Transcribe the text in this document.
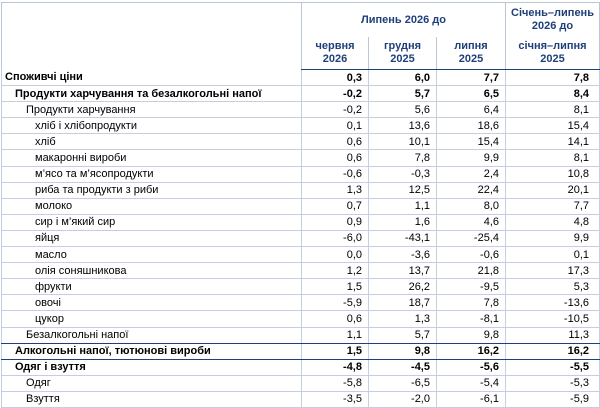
	Липень 2026 до			Січень–липень 2026 до
	червня 2026	грудня 2025	липня 2025	січня–липня 2025
Споживчі ціни	0,3	6,0	7,7	7,8
Продукти харчування та безалкогольні напої	-0,2	5,7	6,5	8,4
Продукти харчування	-0,2	5,6	6,4	8,1
хліб і хлібопродукти	0,1	13,6	18,6	15,4
хліб	0,6	10,1	15,4	14,1
макаронні вироби	0,6	7,8	9,9	8,1
м’ясо та м’ясопродукти	-0,6	-0,3	2,4	10,8
риба та продукти з риби	1,3	12,5	22,4	20,1
молоко	0,7	1,1	8,0	7,7
сир і м’який сир	0,9	1,6	4,6	4,8
яйця	-6,0	-43,1	-25,4	9,9
масло	0,0	-3,6	-0,6	0,1
олія соняшникова	1,2	13,7	21,8	17,3
фрукти	1,5	26,2	-9,5	5,3
овочі	-5,9	18,7	7,8	-13,6
цукор	0,6	1,3	-8,1	-10,5
Безалкогольні напої	1,1	5,7	9,8	11,3
Алкогольні напої, тютюнові вироби	1,5	9,8	16,2	16,2
Одяг і взуття	-4,8	-4,5	-5,6	-5,5
Одяг	-5,8	-6,5	-5,4	-5,3
Взуття	-3,5	-2,0	-6,1	-5,9
